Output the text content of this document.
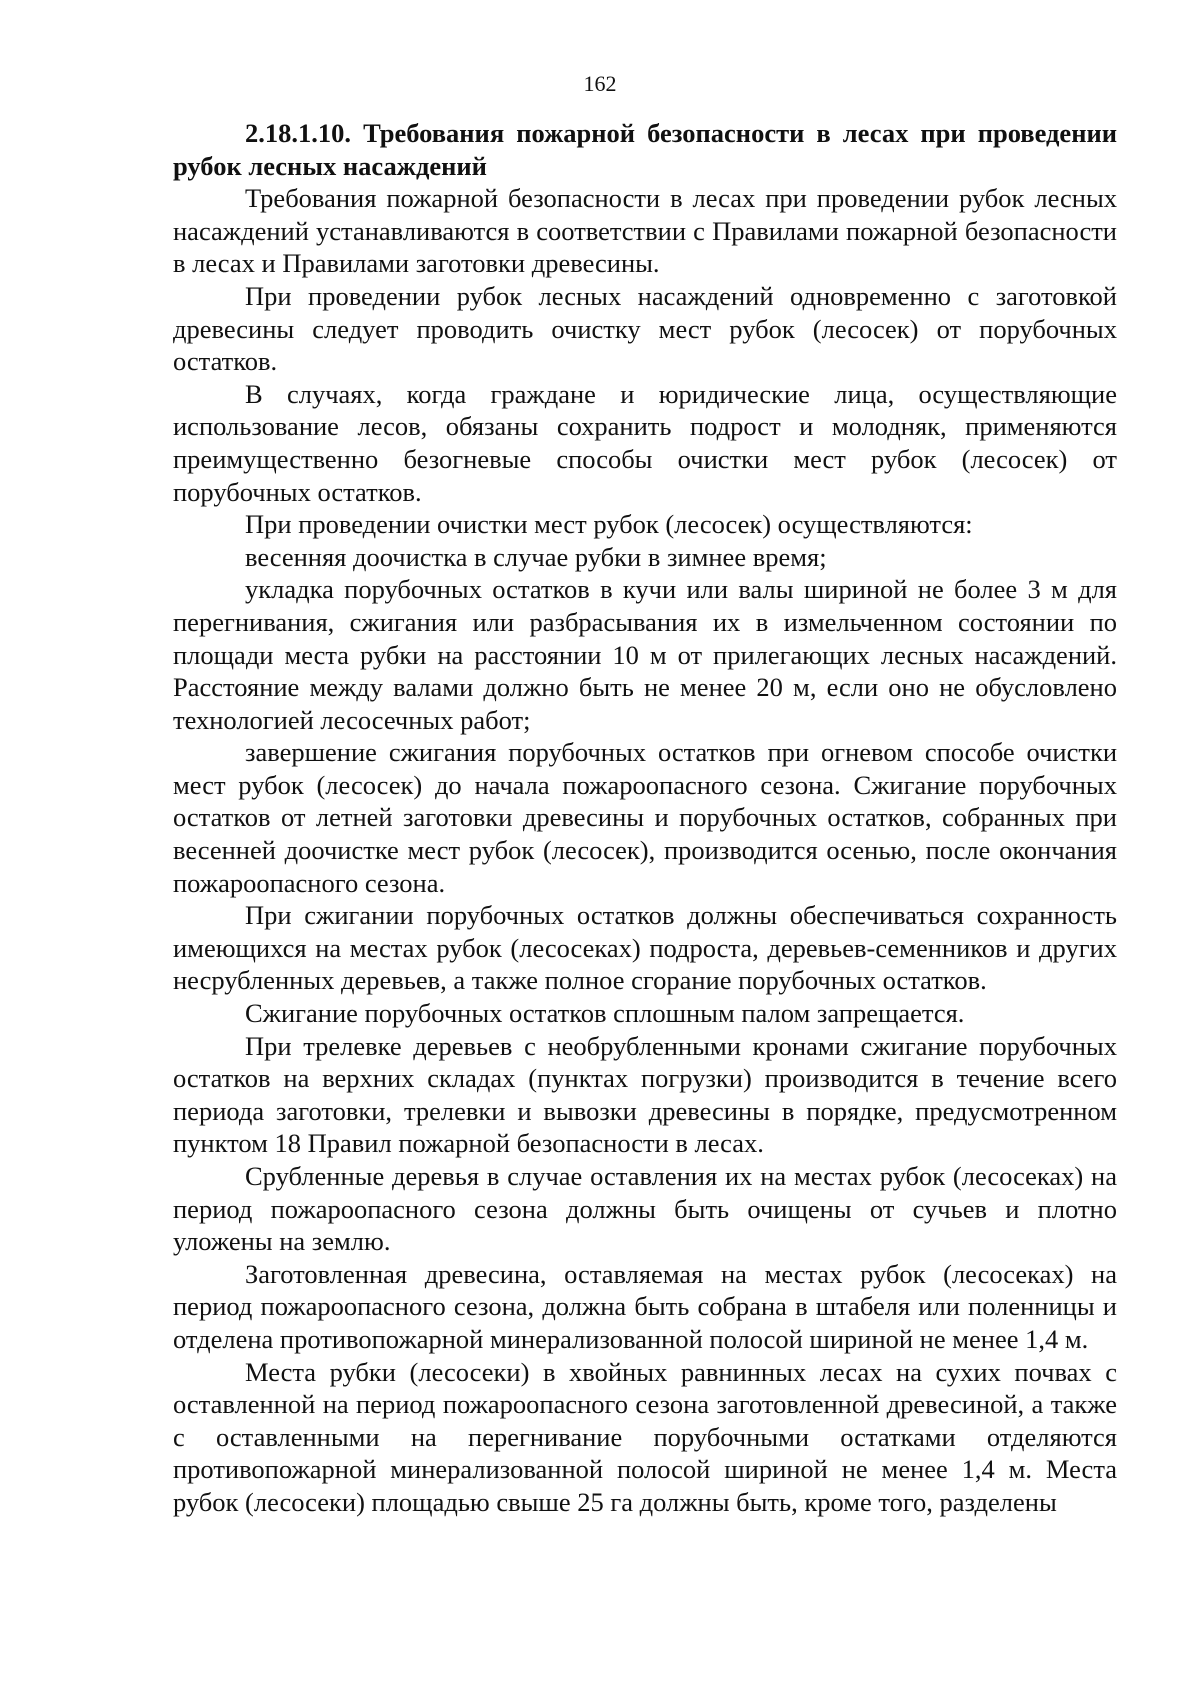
162

2.18.1.10. Требования пожарной безопасности в лесах при проведении рубок лесных насаждений

Требования пожарной безопасности в лесах при проведении рубок лесных насаждений устанавливаются в соответствии с Правилами пожарной безопасности в лесах и Правилами заготовки древесины.

При проведении рубок лесных насаждений одновременно с заготовкой древесины следует проводить очистку мест рубок (лесосек) от порубочных остатков.

В случаях, когда граждане и юридические лица, осуществляющие использование лесов, обязаны сохранить подрост и молодняк, применяются преимущественно безогневые способы очистки мест рубок (лесосек) от порубочных остатков.

При проведении очистки мест рубок (лесосек) осуществляются:

весенняя доочистка в случае рубки в зимнее время;

укладка порубочных остатков в кучи или валы шириной не более 3 м для перегнивания, сжигания или разбрасывания их в измельченном состоянии по площади места рубки на расстоянии 10 м от прилегающих лесных насаждений. Расстояние между валами должно быть не менее 20 м, если оно не обусловлено технологией лесосечных работ;

завершение сжигания порубочных остатков при огневом способе очистки мест рубок (лесосек) до начала пожароопасного сезона. Сжигание порубочных остатков от летней заготовки древесины и порубочных остатков, собранных при весенней доочистке мест рубок (лесосек), производится осенью, после окончания пожароопасного сезона.

При сжигании порубочных остатков должны обеспечиваться сохранность имеющихся на местах рубок (лесосеках) подроста, деревьев-семенников и других несрубленных деревьев, а также полное сгорание порубочных остатков.

Сжигание порубочных остатков сплошным палом запрещается.

При трелевке деревьев с необрубленными кронами сжигание порубочных остатков на верхних складах (пунктах погрузки) производится в течение всего периода заготовки, трелевки и вывозки древесины в порядке, предусмотренном пунктом 18 Правил пожарной безопасности в лесах.

Срубленные деревья в случае оставления их на местах рубок (лесосеках) на период пожароопасного сезона должны быть очищены от сучьев и плотно уложены на землю.

Заготовленная древесина, оставляемая на местах рубок (лесосеках) на период пожароопасного сезона, должна быть собрана в штабеля или поленницы и отделена противопожарной минерализованной полосой шириной не менее 1,4 м.

Места рубки (лесосеки) в хвойных равнинных лесах на сухих почвах с оставленной на период пожароопасного сезона заготовленной древесиной, а также с оставленными на перегнивание порубочными остатками отделяются противопожарной минерализованной полосой шириной не менее 1,4 м. Места рубок (лесосеки) площадью свыше 25 га должны быть, кроме того, разделены
